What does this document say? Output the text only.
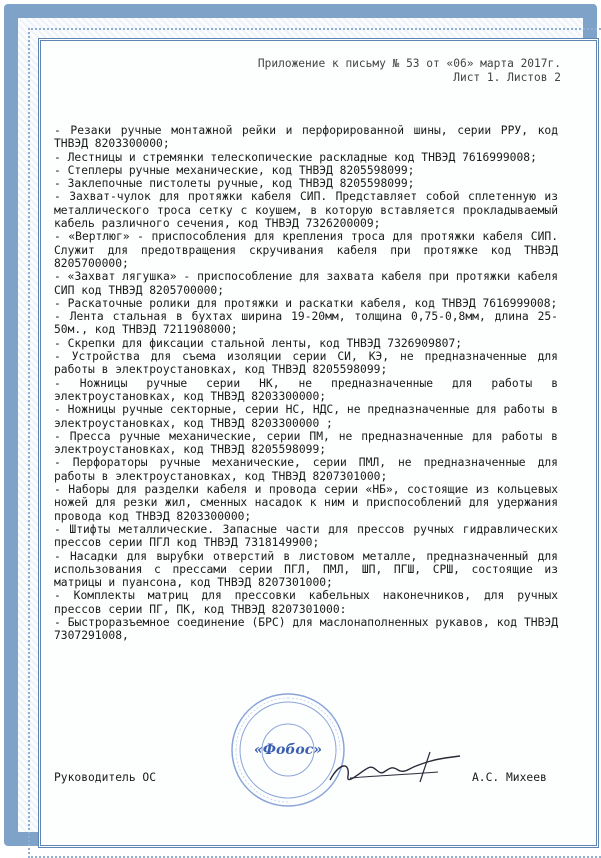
Приложение к письму № 53 от «06» марта 2017г.
Лист 1. Листов 2

- Резаки ручные монтажной рейки и перфорированной шины, серии РРУ, код ТНВЭД 8203300000;

- Лестницы и стремянки телескопические раскладные код ТНВЭД 7616999008;

- Степлеры ручные механические, код ТНВЭД 8205598099;

- Заклепочные пистолеты ручные, код ТНВЭД 8205598099;

- Захват-чулок для протяжки кабеля СИП. Представляет собой сплетенную из металлического троса сетку с коушем, в которую вставляется прокладываемый кабель различного сечения, код ТНВЭД 7326200009;

- «Вертлюг» - приспособления для крепления троса для протяжки кабеля СИП. Служит для предотвращения скручивания кабеля при протяжке код ТНВЭД 8205700000;

- «Захват лягушка» - приспособление для захвата кабеля при протяжки кабеля СИП код ТНВЭД 8205700000;

- Раскаточные ролики для протяжки и раскатки кабеля, код ТНВЭД 7616999008;

- Лента стальная в бухтах ширина 19-20мм, толщина 0,75-0,8мм, длина 25-50м., код ТНВЭД 7211908000;

- Скрепки для фиксации стальной ленты, код ТНВЭД 7326909807;

- Устройства для съема изоляции серии СИ, КЭ, не предназначенные для работы в электроустановках, код ТНВЭД 8205598099;

- Ножницы ручные серии НК, не предназначенные для работы в электроустановках, код ТНВЭД 8203300000;

- Ножницы ручные секторные, серии НС, НДС, не предназначенные для работы в электроустановках, код ТНВЭД 8203300000 ;

- Пресса ручные механические, серии ПМ, не предназначенные для работы в электроустановках, код ТНВЭД 8205598099;

- Перфораторы ручные механические, серии ПМЛ, не предназначенные для работы в электроустановках, код ТНВЭД 8207301000;

- Наборы для разделки кабеля и провода серии «НБ», состоящие из кольцевых ножей для резки жил, сменных насадок к ним и приспособлений для удержания провода код ТНВЭД 8203300000;

- Штифты металлические. Запасные части для прессов ручных гидравлических прессов серии ПГЛ код ТНВЭД 7318149900;

- Насадки для вырубки отверстий в листовом металле, предназначенный для использования с прессами серии ПГЛ, ПМЛ, ШП, ПГШ, СРШ, состоящие из матрицы и пуансона, код ТНВЭД 8207301000;

- Комплекты матриц для прессовки кабельных наконечников, для ручных прессов серии ПГ, ПК, код ТНВЭД 8207301000:

- Быстроразъемное соединение (БРС) для маслонаполненных рукавов, код ТНВЭД 7307291008,

«Фобос»
Руководитель ОС	А.С. Михеев
